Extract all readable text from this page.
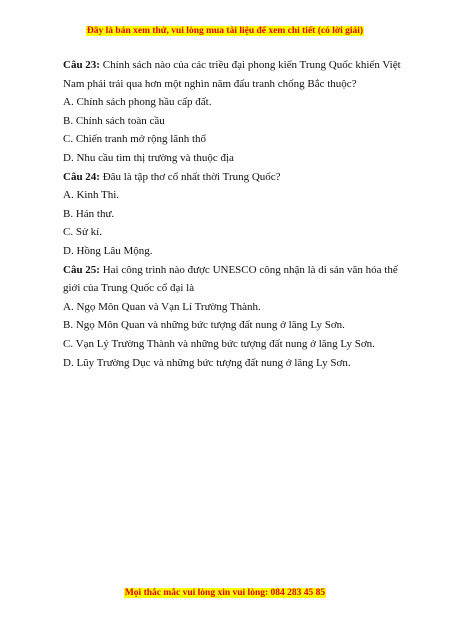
Đây là bản xem thử, vui lòng mua tài liệu để xem chi tiết (có lời giải)
Câu 23: Chính sách nào của các triều đại phong kiến Trung Quốc khiến Việt
Nam phải trải qua hơn một nghìn năm đấu tranh chống Bắc thuộc?
A. Chính sách phong hầu cấp đất.
B. Chính sách toàn cầu
C. Chiến tranh mở rộng lãnh thổ
D. Nhu cầu tìm thị trường và thuộc địa
Câu 24: Đâu là tập thơ cổ nhất thời Trung Quốc?
A. Kinh Thi.
B. Hán thư.
C. Sử kí.
D. Hồng Lâu Mộng.
Câu 25: Hai công trình nào được UNESCO công nhận là di sản văn hóa thế
giới của Trung Quốc cổ đại là
A. Ngọ Môn Quan và Vạn Lí Trường Thành.
B. Ngọ Môn Quan và những bức tượng đất nung ở lăng Ly Sơn.
C. Vạn Lý Trường Thành và những bức tượng đất nung ở lăng Ly Sơn.
D. Lũy Trường Dục và những bức tượng đất nung ở lăng Ly Sơn.
Mọi thắc mắc vui lòng xin vui lòng: 084 283 45 85
